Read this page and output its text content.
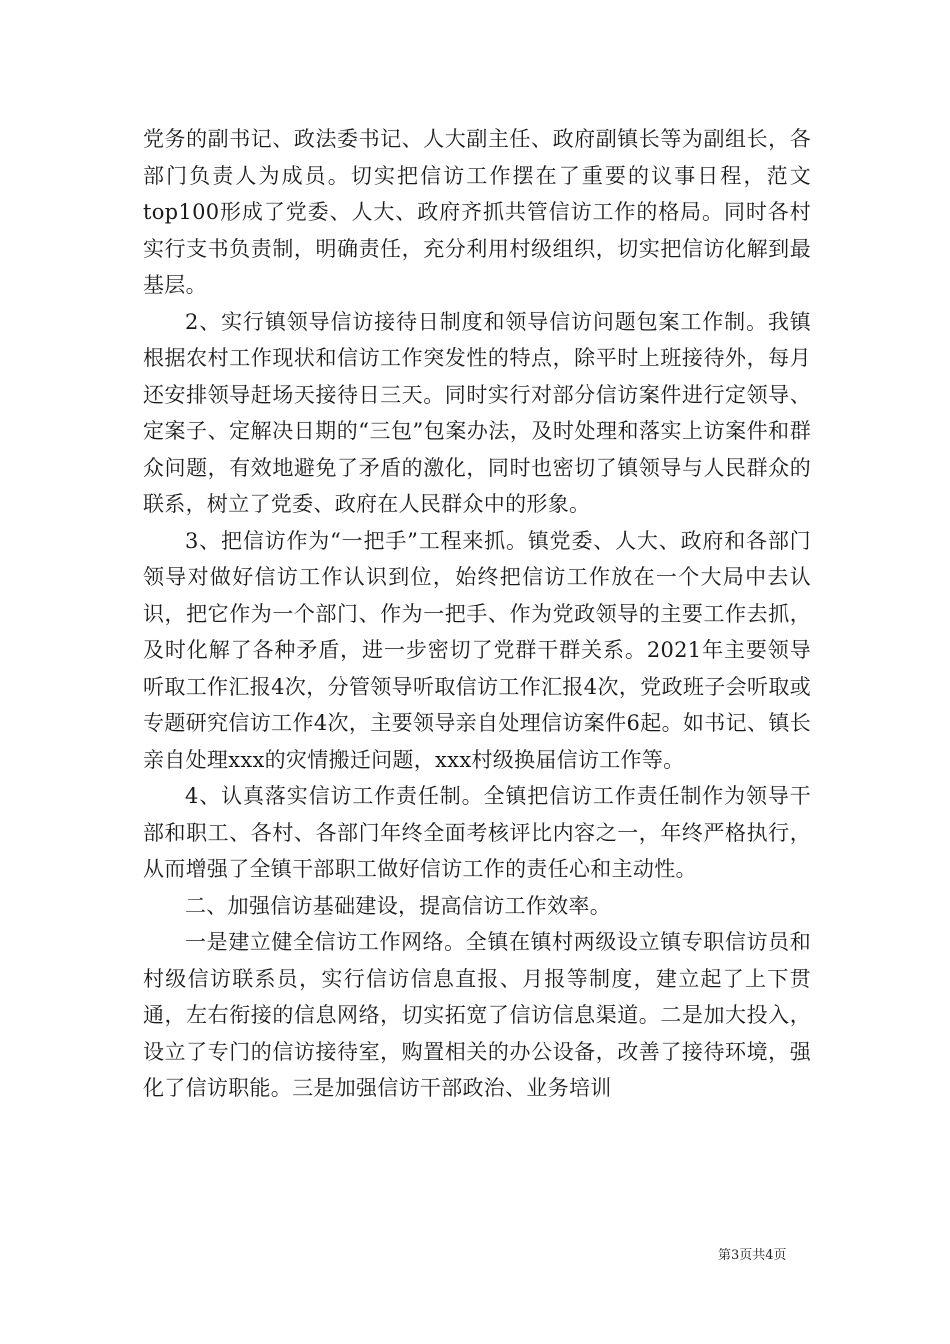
党务的副书记、政法委书记、人大副主任、政府副镇长等为副组长，各部门负责人为成员。切实把信访工作摆在了重要的议事日程，范文top100形成了党委、人大、政府齐抓共管信访工作的格局。同时各村实行支书负责制，明确责任，充分利用村级组织，切实把信访化解到最基层。

2、实行镇领导信访接待日制度和领导信访问题包案工作制。我镇根据农村工作现状和信访工作突发性的特点，除平时上班接待外，每月还安排领导赶场天接待日三天。同时实行对部分信访案件进行定领导、定案子、定解决日期的“三包”包案办法，及时处理和落实上访案件和群众问题，有效地避免了矛盾的激化，同时也密切了镇领导与人民群众的联系，树立了党委、政府在人民群众中的形象。

3、把信访作为“一把手”工程来抓。镇党委、人大、政府和各部门领导对做好信访工作认识到位，始终把信访工作放在一个大局中去认识，把它作为一个部门、作为一把手、作为党政领导的主要工作去抓，及时化解了各种矛盾，进一步密切了党群干群关系。2021年主要领导听取工作汇报4次，分管领导听取信访工作汇报4次，党政班子会听取或专题研究信访工作4次，主要领导亲自处理信访案件6起。如书记、镇长亲自处理xxx的灾情搬迁问题，xxx村级换届信访工作等。

4、认真落实信访工作责任制。全镇把信访工作责任制作为领导干部和职工、各村、各部门年终全面考核评比内容之一，年终严格执行，从而增强了全镇干部职工做好信访工作的责任心和主动性。

二、加强信访基础建设，提高信访工作效率。

一是建立健全信访工作网络。全镇在镇村两级设立镇专职信访员和村级信访联系员，实行信访信息直报、月报等制度，建立起了上下贯通，左右衔接的信息网络，切实拓宽了信访信息渠道。二是加大投入，设立了专门的信访接待室，购置相关的办公设备，改善了接待环境，强化了信访职能。三是加强信访干部政治、业务培训

第3页共4页
